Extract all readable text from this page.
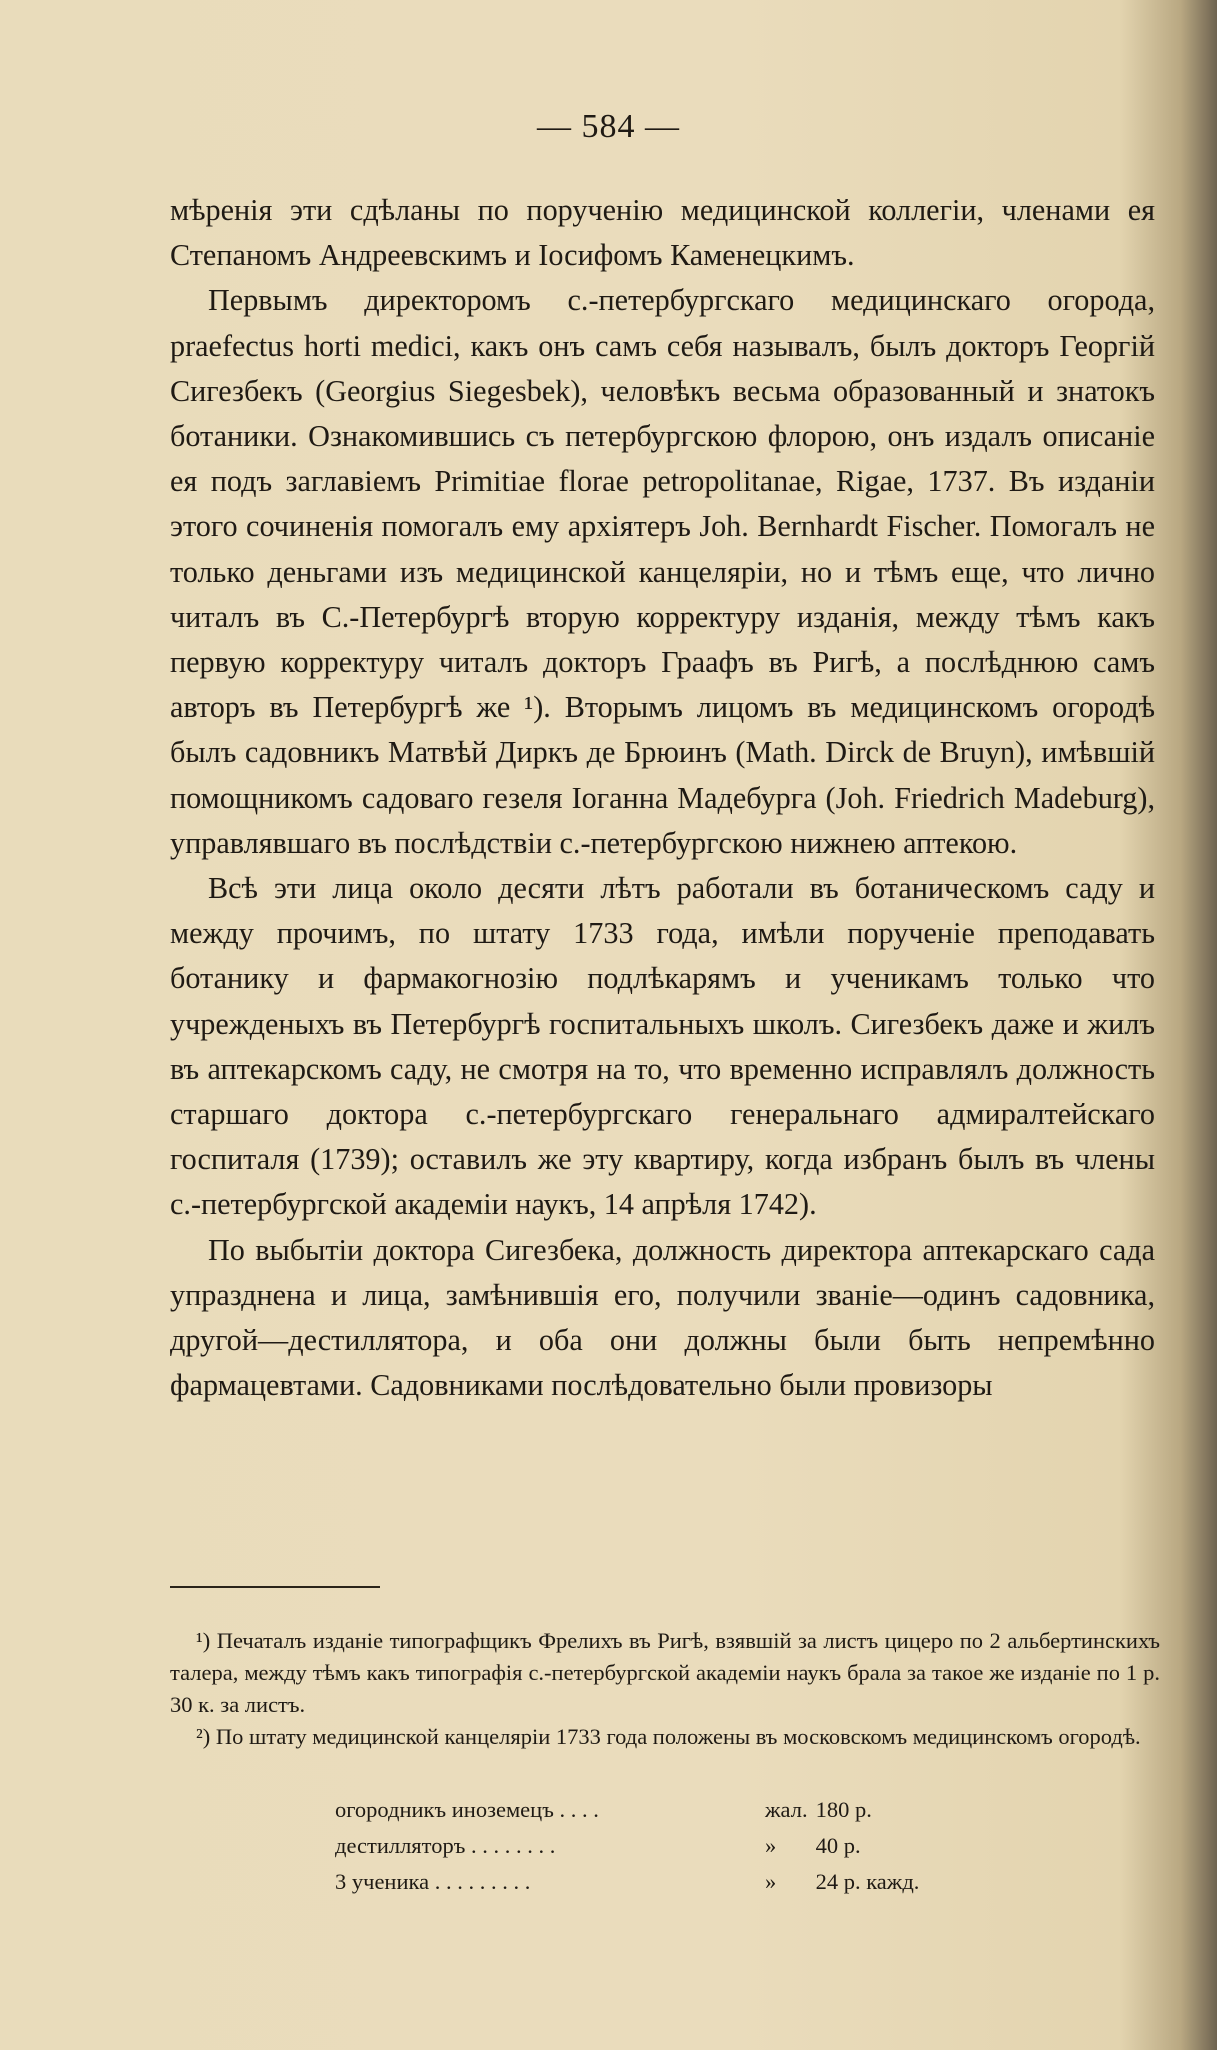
— 584 —

мѣренія эти сдѣланы по порученію медицинской коллегіи, членами ея Степаномъ Андреевскимъ и Іосифомъ Каменецкимъ.

Первымъ директоромъ с.-петербургскаго медицинскаго огорода, praefectus horti medici, какъ онъ самъ себя называлъ, былъ докторъ Георгій Сигезбекъ (Georgius Siegesbek), человѣкъ весьма образованный и знатокъ ботаники. Ознакомившись съ петербургскою флорою, онъ издалъ описаніе ея подъ заглавіемъ Primitiae florae petropolitanae, Rigae, 1737. Въ изданіи этого сочиненія помогалъ ему архіятеръ Joh. Bernhardt Fischer. Помогалъ не только деньгами изъ медицинской канцеляріи, но и тѣмъ еще, что лично читалъ въ С.-Петербургѣ вторую корректуру изданія, между тѣмъ какъ первую корректуру читалъ докторъ Граафъ въ Ригѣ, а послѣднюю самъ авторъ въ Петербургѣ же ¹). Вторымъ лицомъ въ медицинскомъ огородѣ былъ садовникъ Матвѣй Диркъ де Брюинъ (Math. Dirck de Bruyn), имѣвшій помощникомъ садоваго гезеля Іоганна Мадебурга (Joh. Friedrich Madeburg), управлявшаго въ послѣдствіи с.-петербургскою нижнею аптекою.

Всѣ эти лица около десяти лѣтъ работали въ ботаническомъ саду и между прочимъ, по штату 1733 года, имѣли порученіе преподавать ботанику и фармакогнозію подлѣкарямъ и ученикамъ только что учрежденыхъ въ Петербургѣ госпитальныхъ школъ. Сигезбекъ даже и жилъ въ аптекарскомъ саду, не смотря на то, что временно исправлялъ должность старшаго доктора с.-петербургскаго генеральнаго адмиралтейскаго госпиталя (1739); оставилъ же эту квартиру, когда избранъ былъ въ члены с.-петербургской академіи наукъ, 14 апрѣля 1742).

По выбытіи доктора Сигезбека, должность директора аптекарскаго сада упразднена и лица, замѣнившія его, получили званіе—одинъ садовника, другой—дестиллятора, и оба они должны были быть непремѣнно фармацевтами. Садовниками послѣдовательно были провизоры

¹) Печаталъ изданіе типографщикъ Фрелихъ въ Ригѣ, взявшій за листъ цицеро по 2 альбертинскихъ талера, между тѣмъ какъ типографія с.-петербургской академіи наукъ брала за такое же изданіе по 1 р. 30 к. за листъ.

²) По штату медицинской канцеляріи 1733 года положены въ московскомъ медицинскомъ огородѣ.

огородникъ иноземецъ . . . .	жал.	180 р.
дестилляторъ . . . . . . . .	»	40 р.
3 ученика . . . . . . . . .	»	24 р. кажд.
